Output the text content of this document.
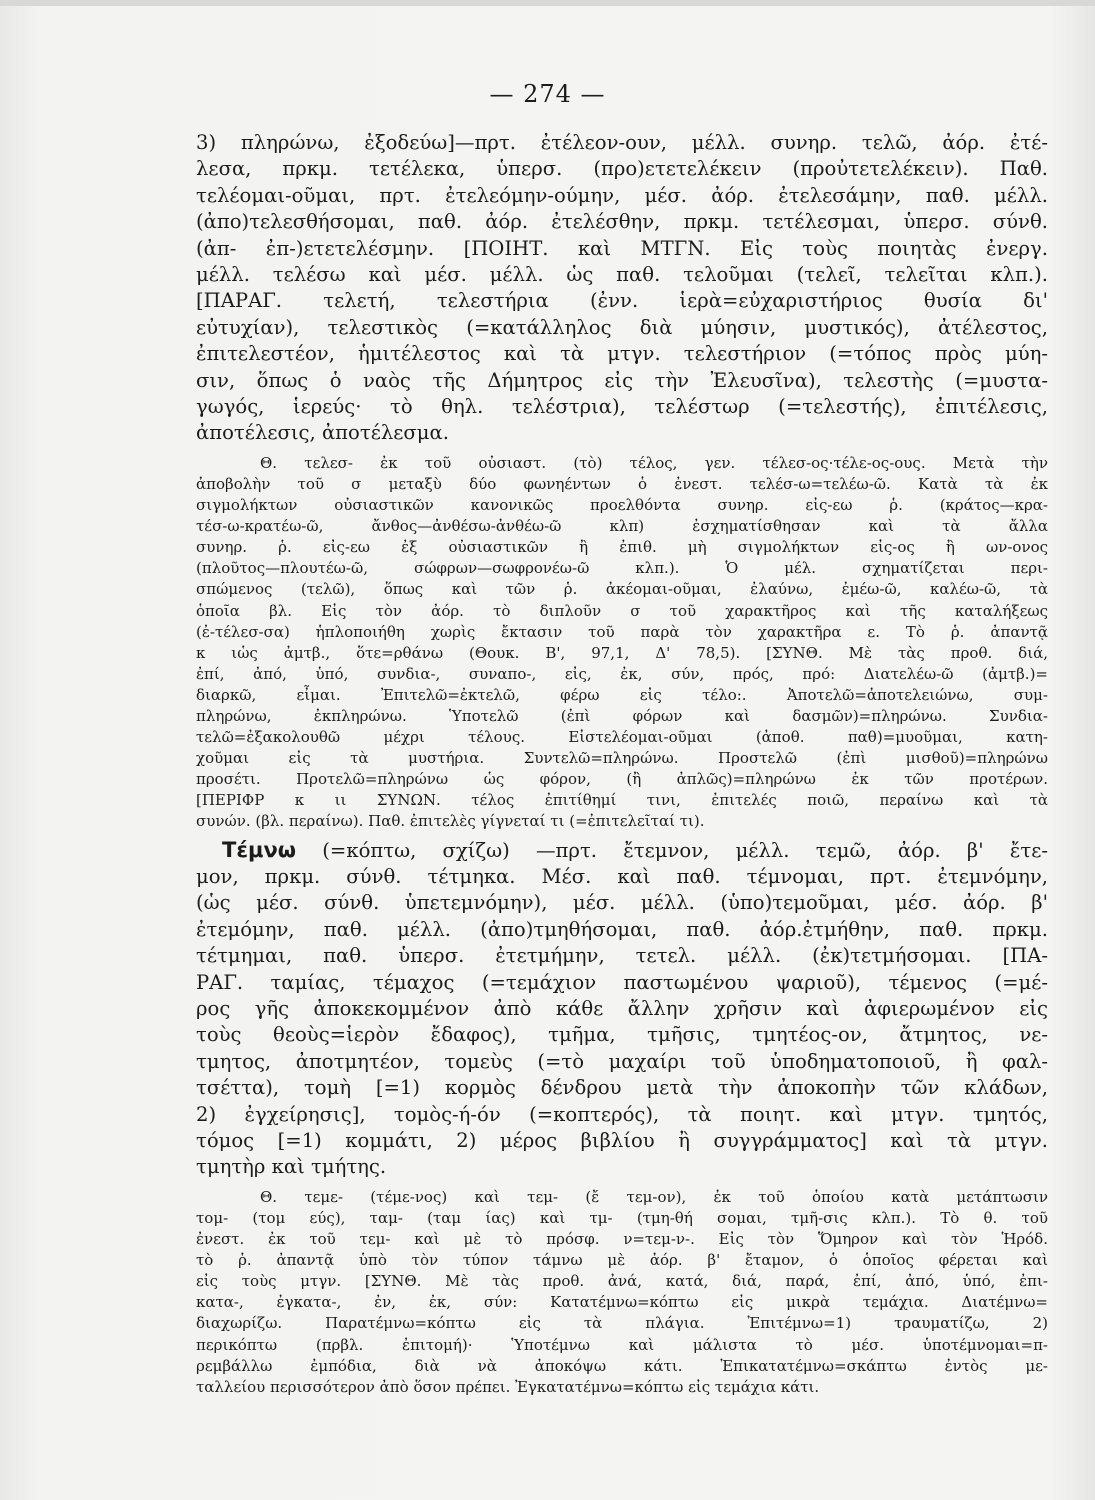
— 274 —
3) πληρώνω, ἐξοδεύω]—πρτ. ἐτέλεον-ουν, μέλλ. συνηρ. τελῶ, ἀόρ. ἐτέ-
λεσα, πρκμ. τετέλεκα, ὑπερσ. (προ)ετετελέκειν (προὐτετελέκειν). Παθ.
τελέομαι-οῦμαι, πρτ. ἐτελεόμην-ούμην, μέσ. ἀόρ. ἐτελεσάμην, παθ. μέλλ.
(ἀπο)τελεσθήσομαι, παθ. ἀόρ. ἐτελέσθην, πρκμ. τετέλεσμαι, ὑπερσ. σύνθ.
(ἀπ- ἐπ-)ετετελέσμην. [ΠΟΙΗΤ. καὶ ΜΤΓΝ. Εἰς τοὺς ποιητὰς ἐνεργ.
μέλλ. τελέσω καὶ μέσ. μέλλ. ὡς παθ. τελοῦμαι (τελεῖ, τελεῖται κλπ.).
[ΠΑΡΑΓ. τελετή, τελεστήρια (ἐνν. ἱερὰ=εὐχαριστήριος θυσία δι'
εὐτυχίαν), τελεστικὸς (=κατάλληλος διὰ μύησιν, μυστικός), ἀτέλεστος,
ἐπιτελεστέον, ἡμιτέλεστος καὶ τὰ μτγν. τελεστήριον (=τόπος πρὸς μύη-
σιν, ὅπως ὁ ναὸς τῆς Δήμητρος εἰς τὴν Ἐλευσῖνα), τελεστὴς (=μυστα-
γωγός, ἱερεύς· τὸ θηλ. τελέστρια), τελέστωρ (=τελεστής), ἐπιτέλεσις,
ἀποτέλεσις, ἀποτέλεσμα.
Θ. τελεσ- ἐκ τοῦ οὐσιαστ. (τὸ) τέλος, γεν. τέλεσ-ος·τέλε-ος-ους. Μετὰ τὴν
ἀποβολὴν τοῦ σ μεταξὺ δύο φωνηέντων ὁ ἐνεστ. τελέσ-ω=τελέω-ῶ. Κατὰ τὰ ἐκ
σιγμολήκτων οὐσιαστικῶν κανονικῶς προελθόντα συνηρ. εἰς-εω ῥ. (κράτος—κρα-
τέσ-ω-κρατέω-ῶ, ἄνθος—ἀνθέσω-ἀνθέω-ῶ κλπ) ἐσχηματίσθησαν καὶ τὰ ἄλλα
συνηρ. ῥ. εἰς-εω ἐξ οὐσιαστικῶν ἢ ἐπιθ. μὴ σιγμολήκτων εἰς-ος ἢ ων-ονος
(πλοῦτος—πλουτέω-ῶ, σώφρων—σωφρονέω-ῶ κλπ.). Ὁ μέλ. σχηματίζεται περι-
σπώμενος (τελῶ), ὅπως καὶ τῶν ῥ. ἀκέομαι-οῦμαι, ἐλαύνω, ἐμέω-ῶ, καλέω-ῶ, τὰ
ὁποῖα βλ. Εἰς τὸν ἀόρ. τὸ διπλοῦν σ τοῦ χαρακτῆρος καὶ τῆς καταλήξεως
(ἐ-τέλεσ-σα) ἡπλοποιήθη χωρὶς ἔκτασιν τοῦ παρὰ τὸν χαρακτῆρα ε. Τὸ ῥ. ἀπαντᾷ
κ ιὡς ἀμτβ., ὅτε=ρθάνω (Θουκ. Β', 97,1, Δ' 78,5). [ΣΥΝΘ. Μὲ τὰς προθ. διά,
ἐπί, ἀπό, ὑπό, συνδια-, συναπο-, εἰς, ἐκ, σύν, πρός, πρό: Διατελέω-ῶ (ἀμτβ.)=
διαρκῶ, εἶμαι. Ἐπιτελῶ=ἐκτελῶ, φέρω εἰς τέλο:. Ἀποτελῶ=ἀποτελειώνω, συμ-
πληρώνω, ἐκπληρώνω. Ὑποτελῶ (ἐπὶ φόρων καὶ δασμῶν)=πληρώνω. Συνδια-
τελῶ=ἐξακολουθῶ μέχρι τέλους. Εἰστελέομαι-οῦμαι (ἀποθ. παθ)=μυοῦμαι, κατη-
χοῦμαι εἰς τὰ μυστήρια. Συντελῶ=πληρώνω. Προστελῶ (ἐπὶ μισθοῦ)=πληρώνω
προσέτι. Προτελῶ=πληρώνω ὡς φόρον, (ἢ ἀπλῶς)=πληρώνω ἐκ τῶν προτέρων.
[ΠΕΡΙΦΡ κ ιι ΣΥΝΩΝ. τέλος ἐπιτίθημί τινι, ἐπιτελές ποιῶ, περαίνω καὶ τὰ
συνών. (βλ. περαίνω). Παθ. ἐπιτελὲς γίγνεταί τι (=ἐπιτελεῖταί τι).
Τέμνω (=κόπτω, σχίζω) —πρτ. ἔτεμνον, μέλλ. τεμῶ, ἀόρ. β' ἔτε-
μον, πρκμ. σύνθ. τέτμηκα. Μέσ. καὶ παθ. τέμνομαι, πρτ. ἐτεμνόμην,
(ὡς μέσ. σύνθ. ὑπετεμνόμην), μέσ. μέλλ. (ὑπο)τεμοῦμαι, μέσ. ἀόρ. β'
ἐτεμόμην, παθ. μέλλ. (ἀπο)τμηθήσομαι, παθ. ἀόρ.ἐτμήθην, παθ. πρκμ.
τέτμημαι, παθ. ὑπερσ. ἐτετμήμην, τετελ. μέλλ. (ἐκ)τετμήσομαι. [ΠΑ-
ΡΑΓ. ταμίας, τέμαχος (=τεμάχιον παστωμένου ψαριοῦ), τέμενος (=μέ-
ρος γῆς ἀποκεκομμένον ἀπὸ κάθε ἄλλην χρῆσιν καὶ ἀφιερωμένον εἰς
τοὺς θεοὺς=ἱερὸν ἔδαφος), τμῆμα, τμῆσις, τμητέος-ον, ἄτμητος, νε-
τμητος, ἀποτμητέον, τομεὺς (=τὸ μαχαίρι τοῦ ὑποδηματοποιοῦ, ἢ φαλ-
τσέττα), τομὴ [=1) κορμὸς δένδρου μετὰ τὴν ἀποκοπὴν τῶν κλάδων,
2) ἐγχείρησις], τομὸς-ή-όν (=κοπτερός), τὰ ποιητ. καὶ μτγν. τμητός,
τόμος [=1) κομμάτι, 2) μέρος βιβλίου ἢ συγγράμματος] καὶ τὰ μτγν.
τμητὴρ καὶ τμήτης.
Θ. τεμε- (τέμε-νος) καὶ τεμ- (ἔ τεμ-ον), ἐκ τοῦ ὁποίου κατὰ μετάπτωσιν
τομ- (τομ εύς), ταμ- (ταμ ίας) καὶ τμ- (τμη-θή σομαι, τμῆ-σις κλπ.). Τὸ θ. τοῦ
ἐνεστ. ἐκ τοῦ τεμ- καὶ μὲ τὸ πρόσφ. ν=τεμ-ν-. Εἰς τὸν Ὅμηρον καὶ τὸν Ἡρόδ.
τὸ ῥ. ἀπαντᾷ ὑπὸ τὸν τύπον τάμνω μὲ ἀόρ. β' ἔταμον, ὁ ὁποῖος φέρεται καὶ
εἰς τοὺς μτγν. [ΣΥΝΘ. Μὲ τὰς προθ. ἀνά, κατά, διά, παρά, ἐπί, ἀπό, ὑπό, ἐπι-
κατα-, ἐγκατα-, ἐν, ἐκ, σύν: Κατατέμνω=κόπτω εἰς μικρὰ τεμάχια. Διατέμνω=
διαχωρίζω. Παρατέμνω=κόπτω εἰς τὰ πλάγια. Ἐπιτέμνω=1) τραυματίζω, 2)
περικόπτω (πρβλ. ἐπιτομή)· Ὑποτέμνω καὶ μάλιστα τὸ μέσ. ὑποτέμνομαι=π-
ρεμβάλλω ἐμπόδια, διὰ νὰ ἀποκόψω κάτι. Ἐπικατατέμνω=σκάπτω ἐντὸς με-
ταλλείου περισσότερον ἀπὸ ὅσον πρέπει. Ἐγκατατέμνω=κόπτω εἰς τεμάχια κάτι.
